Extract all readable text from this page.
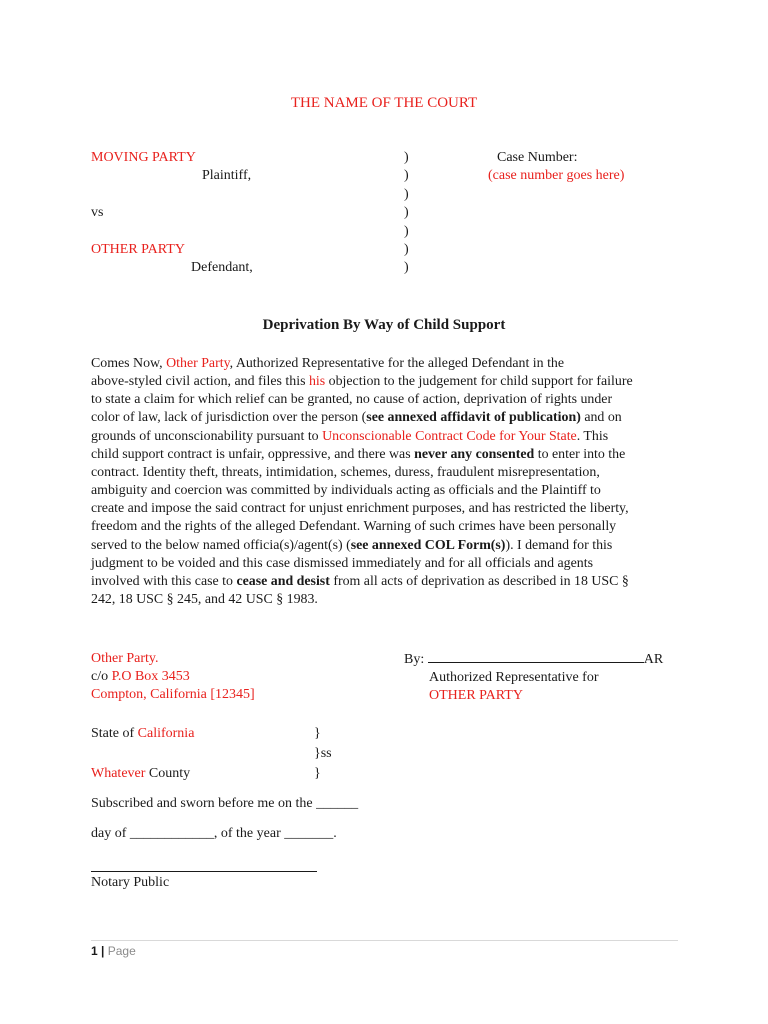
THE NAME OF THE COURT
MOVING PARTY
Plaintiff,
vs
OTHER PARTY
Defendant,
)
)
)
)
)
)
)
Case Number:
(case number goes here)
Deprivation By Way of Child Support
Comes Now, Other Party, Authorized Representative for the alleged Defendant in the
above-styled civil action, and files this his objection to the judgement for child support for failure
to state a claim for which relief can be granted, no cause of action, deprivation of rights under
color of law, lack of jurisdiction over the person (see annexed affidavit of publication) and on
grounds of unconscionability pursuant to Unconscionable Contract Code for Your State. This
child support contract is unfair, oppressive, and there was never any consented to enter into the
contract. Identity theft, threats, intimidation, schemes, duress, fraudulent misrepresentation,
ambiguity and coercion was committed by individuals acting as officials and the Plaintiff to
create and impose the said contract for unjust enrichment purposes, and has restricted the liberty,
freedom and the rights of the alleged Defendant. Warning of such crimes have been personally
served to the below named officia(s)/agent(s) (see annexed COL Form(s)). I demand for this
judgment to be voided and this case dismissed immediately and for all officials and agents
involved with this case to cease and desist from all acts of deprivation as described in 18 USC §
242, 18 USC § 245, and 42 USC § 1983.
Other Party.
c/o P.O Box 3453
Compton, California [12345]
By:	AR
Authorized Representative for
OTHER PARTY
State of California
Whatever County
Subscribed and sworn before me on the ______
day of ____________, of the year _______.
}
}ss
}
Notary Public
1 | Page
